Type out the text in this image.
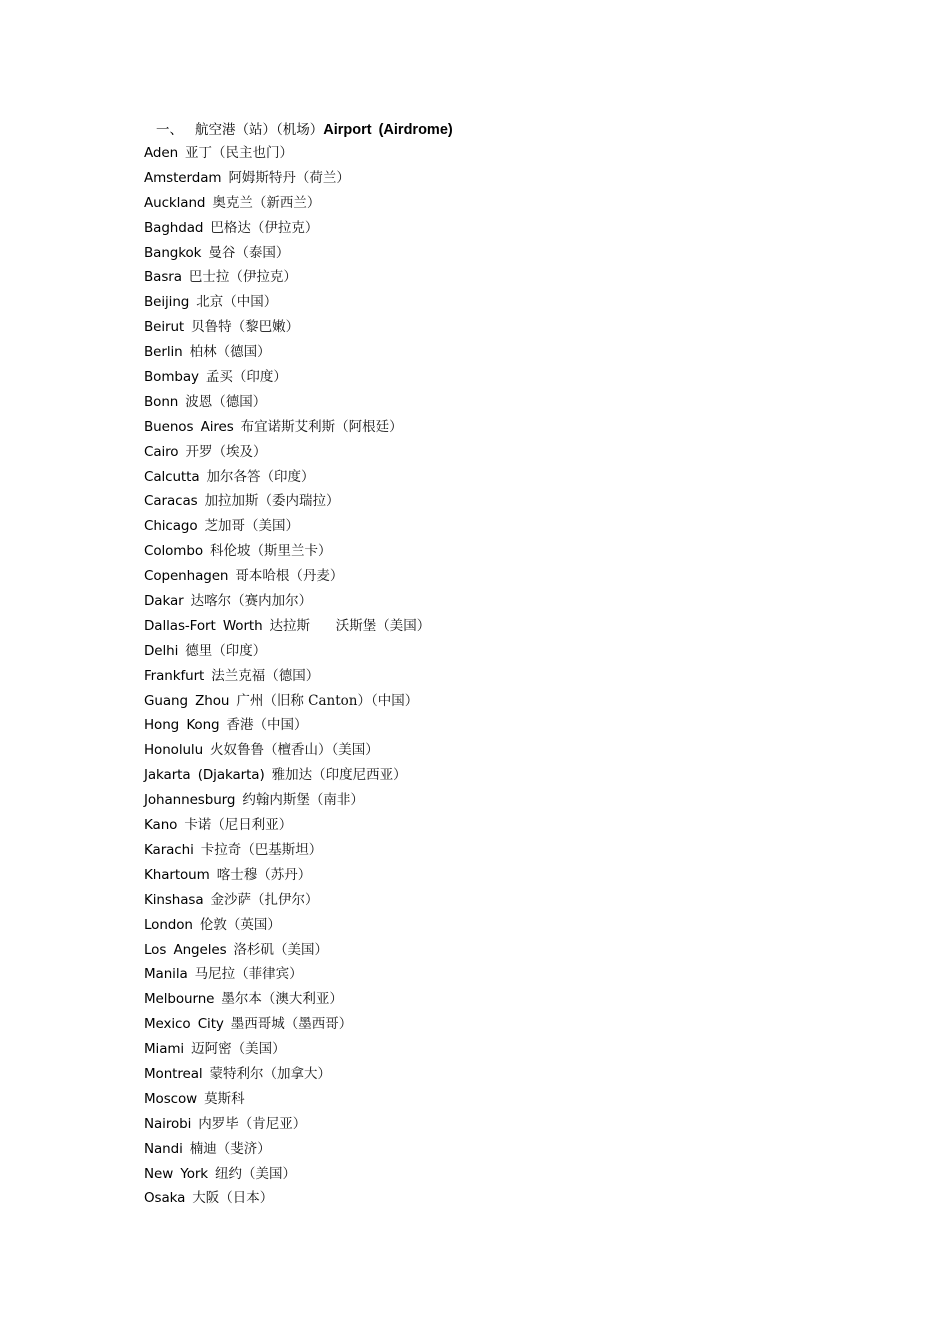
一、 航空港（站）（机场）Airport (Airdrome)
Aden 亚丁（民主也门）
Amsterdam 阿姆斯特丹（荷兰）
Auckland 奥克兰（新西兰）
Baghdad 巴格达（伊拉克）
Bangkok 曼谷（泰国）
Basra 巴士拉（伊拉克）
Beijing 北京（中国）
Beirut 贝鲁特（黎巴嫩）
Berlin 柏林（德国）
Bombay 孟买（印度）
Bonn 波恩（德国）
Buenos Aires 布宜诺斯艾利斯（阿根廷）
Cairo 开罗（埃及）
Calcutta 加尔各答（印度）
Caracas 加拉加斯（委内瑞拉）
Chicago 芝加哥（美国）
Colombo 科伦坡（斯里兰卡）
Copenhagen 哥本哈根（丹麦）
Dakar 达喀尔（赛内加尔）
Dallas-Fort Worth 达拉斯      沃斯堡（美国）
Delhi 德里（印度）
Frankfurt 法兰克福（德国）
Guang Zhou 广州（旧称 Canton）（中国）
Hong Kong 香港（中国）
Honolulu 火奴鲁鲁（檀香山）（美国）
Jakarta (Djakarta) 雅加达（印度尼西亚）
Johannesburg 约翰内斯堡（南非）
Kano 卡诺（尼日利亚）
Karachi 卡拉奇（巴基斯坦）
Khartoum 喀士穆（苏丹）
Kinshasa 金沙萨（扎伊尔）
London 伦敦（英国）
Los Angeles 洛杉矶（美国）
Manila 马尼拉（菲律宾）
Melbourne 墨尔本（澳大利亚）
Mexico City 墨西哥城（墨西哥）
Miami 迈阿密（美国）
Montreal 蒙特利尔（加拿大）
Moscow 莫斯科
Nairobi 内罗毕（肯尼亚）
Nandi 楠迪（斐济）
New York 纽约（美国）
Osaka 大阪（日本）
